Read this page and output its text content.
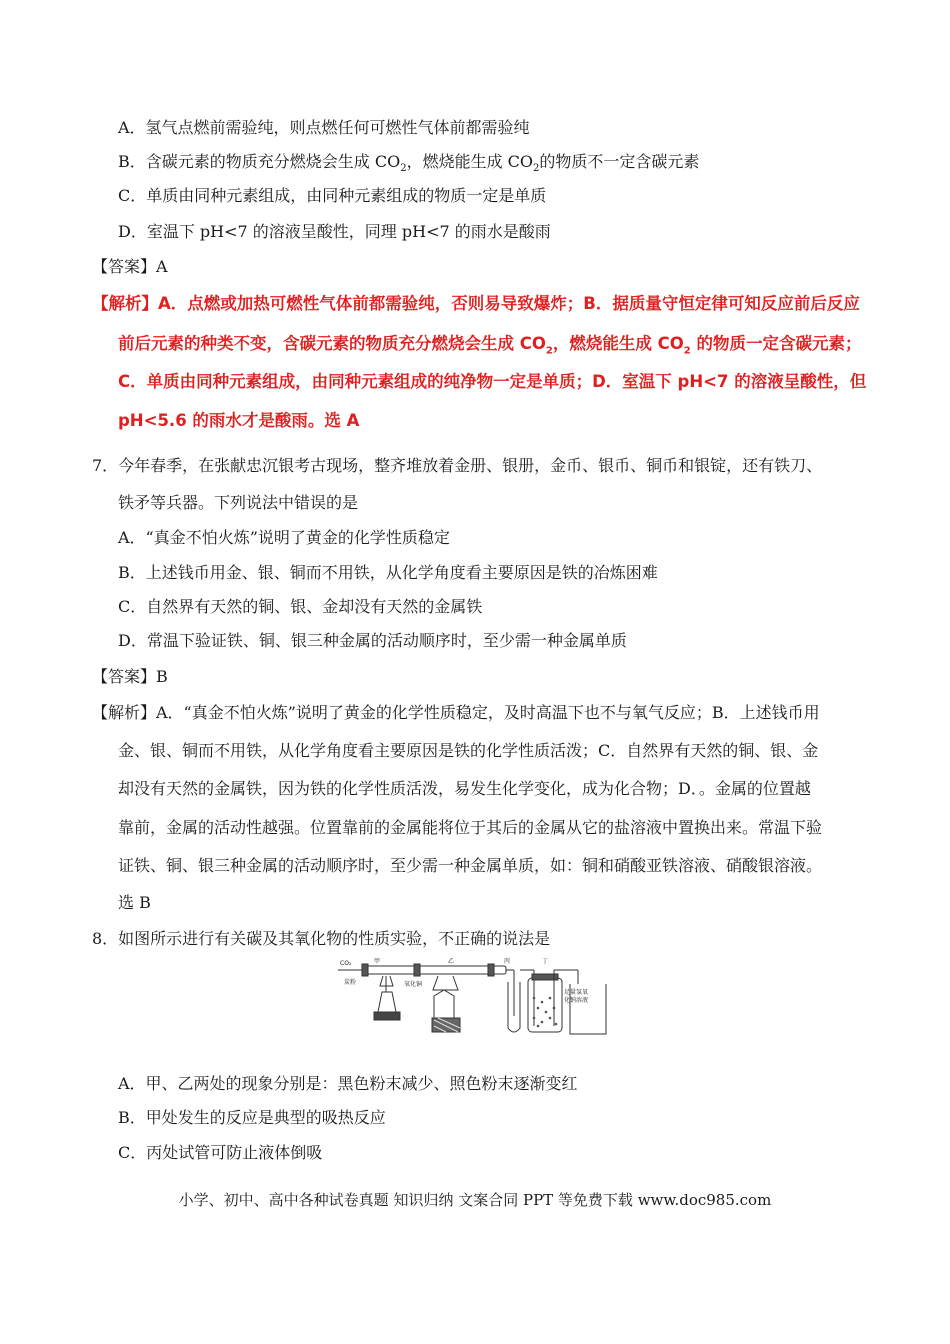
A．氢气点燃前需验纯，则点燃任何可燃性气体前都需验纯
B．含碳元素的物质充分燃烧会生成 $CO_2$，燃烧能生成 $CO_2$的物质不一定含碳元素
C．单质由同种元素组成，由同种元素组成的物质一定是单质
D．室温下 pH<7 的溶液呈酸性，同理 pH<7 的雨水是酸雨
【答案】A
【解析】A．点燃或加热可燃性气体前都需验纯，否则易导致爆炸；B．据质量守恒定律可知反应前后反应
前后元素的种类不变，含碳元素的物质充分燃烧会生成 $CO_2$，燃烧能生成 $CO_2$ 的物质一定含碳元素；
C．单质由同种元素组成，由同种元素组成的纯净物一定是单质；D．室温下 pH<7 的溶液呈酸性，但
pH<5.6 的雨水才是酸雨。选 A
7．今年春季，在张献忠沉银考古现场，整齐堆放着金册、银册，金币、银币、铜币和银锭，还有铁刀、
铁矛等兵器。下列说法中错误的是
A．“真金不怕火炼”说明了黄金的化学性质稳定
B．上述钱币用金、银、铜而不用铁，从化学角度看主要原因是铁的冶炼困难
C．自然界有天然的铜、银、金却没有天然的金属铁
D．常温下验证铁、铜、银三种金属的活动顺序时，至少需一种金属单质
【答案】B
【解析】A．“真金不怕火炼”说明了黄金的化学性质稳定，及时高温下也不与氧气反应；B．上述钱币用
金、银、铜而不用铁，从化学角度看主要原因是铁的化学性质活泼；C．自然界有天然的铜、银、金
却没有天然的金属铁，因为铁的化学性质活泼，易发生化学变化，成为化合物；D．。金属的位置越
靠前，金属的活动性越强。位置靠前的金属能将位于其后的金属从它的盐溶液中置换出来。常温下验
证铁、铜、银三种金属的活动顺序时，至少需一种金属单质，如：铜和硝酸亚铁溶液、硝酸银溶液。
选 B
8．如图所示进行有关碳及其氧化物的性质实验，不正确的说法是
CO₂	甲	乙	丙	丁
炭粉	氧化铜
足量氢氧
化钠溶液
A．甲、乙两处的现象分别是：黑色粉末减少、照色粉末逐渐变红
B．甲处发生的反应是典型的吸热反应
C．丙处试管可防止液体倒吸
小学、初中、高中各种试卷真题 知识归纳 文案合同 PPT 等免费下载 www.doc985.com
